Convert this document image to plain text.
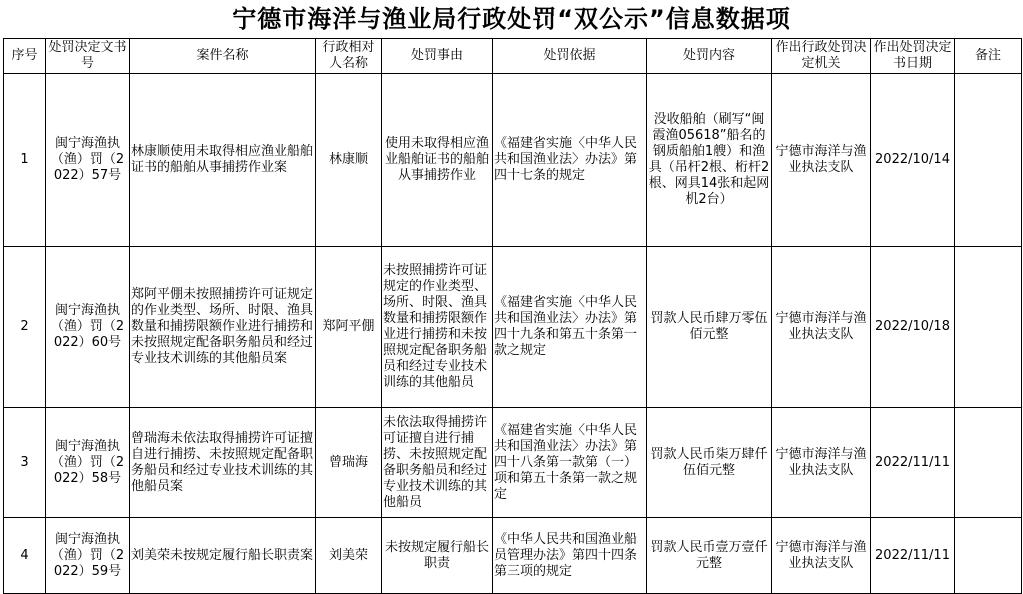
宁德市海洋与渔业局行政处罚“双公示”信息数据项
序号	处罚决定文书号	案件名称	行政相对人名称	处罚事由	处罚依据	处罚内容	作出行政处罚决定机关	作出处罚决定书日期	备注
1	闽宁海渔执（渔）罚（2022）57号	林康顺使用未取得相应渔业船舶证书的船舶从事捕捞作业案	林康顺	使用未取得相应渔业船舶证书的船舶从事捕捞作业	《福建省实施〈中华人民共和国渔业法〉办法》第四十七条的规定	没收船舶（刷写“闽霞渔05618”船名的钢质船舶1艘）和渔具（吊杆2根、桁杆2根、网具14张和起网机2台）	宁德市海洋与渔业执法支队	2022/10/14	
2	闽宁海渔执（渔）罚（2022）60号	郑阿平倗未按照捕捞许可证规定的作业类型、场所、时限、渔具数量和捕捞限额作业进行捕捞和未按照规定配备职务船员和经过专业技术训练的其他船员案	郑阿平倗	未按照捕捞许可证规定的作业类型、场所、时限、渔具数量和捕捞限额作业进行捕捞和未按照规定配备职务船员和经过专业技术训练的其他船员	《福建省实施〈中华人民共和国渔业法〉办法》第四十九条和第五十条第一款之规定	罚款人民币肆万零伍佰元整	宁德市海洋与渔业执法支队	2022/10/18	
3	闽宁海渔执（渔）罚（2022）58号	曾瑞海未依法取得捕捞许可证擅自进行捕捞、未按照规定配备职务船员和经过专业技术训练的其他船员案	曾瑞海	未依法取得捕捞许可证擅自进行捕捞、未按照规定配备职务船员和经过专业技术训练的其他船员	《福建省实施〈中华人民共和国渔业法〉办法》第四十八条第一款第（一）项和第五十条第一款之规定	罚款人民币柒万肆仟伍佰元整	宁德市海洋与渔业执法支队	2022/11/11	
4	闽宁海渔执（渔）罚（2022）59号	刘美荣未按规定履行船长职责案	刘美荣	未按规定履行船长职责	《中华人民共和国渔业船员管理办法》第四十四条第三项的规定	罚款人民币壹万壹仟元整	宁德市海洋与渔业执法支队	2022/11/11	
